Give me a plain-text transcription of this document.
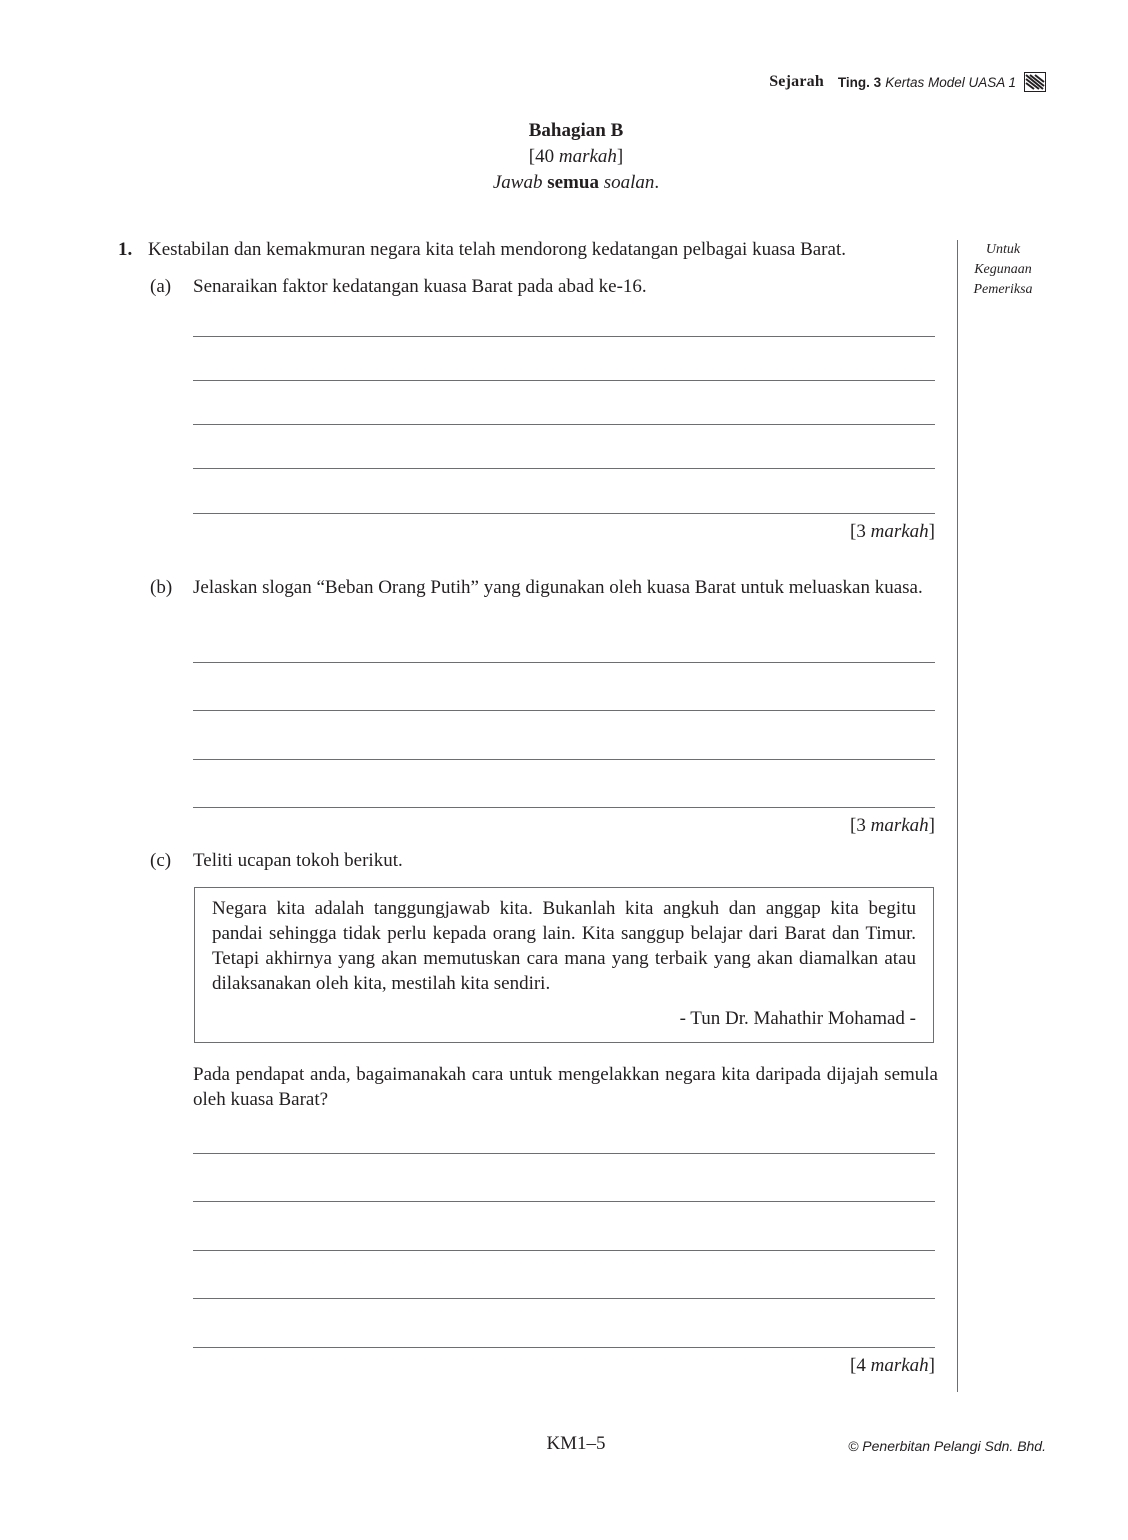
Sejarah Ting. 3 Kertas Model UASA 1
Bahagian B
[40 markah]
Jawab semua soalan.
Untuk
Kegunaan
Pemeriksa
1. Kestabilan dan kemakmuran negara kita telah mendorong kedatangan pelbagai kuasa Barat.
(a) Senaraikan faktor kedatangan kuasa Barat pada abad ke-16.
[3 markah]
(b) Jelaskan slogan “Beban Orang Putih” yang digunakan oleh kuasa Barat untuk meluaskan kuasa.
[3 markah]
(c) Teliti ucapan tokoh berikut.
Negara kita adalah tanggungjawab kita. Bukanlah kita angkuh dan anggap kita begitu pandai sehingga tidak perlu kepada orang lain. Kita sanggup belajar dari Barat dan Timur. Tetapi akhirnya yang akan memutuskan cara mana yang terbaik yang akan diamalkan atau dilaksanakan oleh kita, mestilah kita sendiri.
- Tun Dr. Mahathir Mohamad -
Pada pendapat anda, bagaimanakah cara untuk mengelakkan negara kita daripada dijajah semula oleh kuasa Barat?
[4 markah]
KM1–5	© Penerbitan Pelangi Sdn. Bhd.
